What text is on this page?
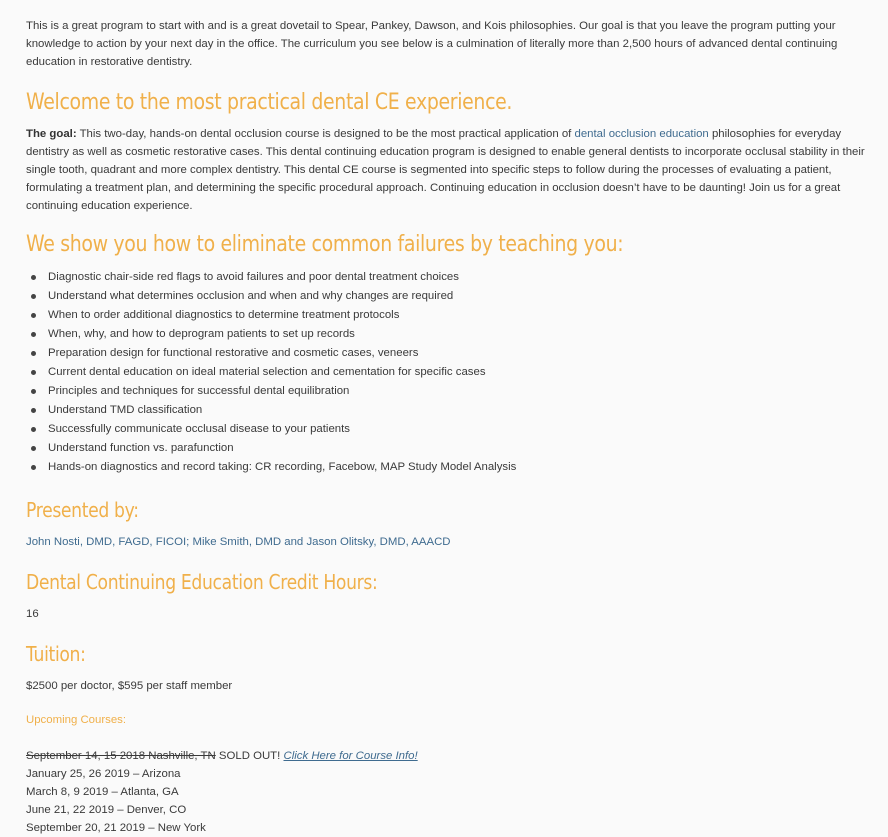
This is a great program to start with and is a great dovetail to Spear, Pankey, Dawson, and Kois philosophies. Our goal is that you leave the program putting your knowledge to action by your next day in the office. The curriculum you see below is a culmination of literally more than 2,500 hours of advanced dental continuing education in restorative dentistry.

Welcome to the most practical dental CE experience.

The goal: This two-day, hands-on dental occlusion course is designed to be the most practical application of dental occlusion education philosophies for everyday dentistry as well as cosmetic restorative cases. This dental continuing education program is designed to enable general dentists to incorporate occlusal stability in their single tooth, quadrant and more complex dentistry. This dental CE course is segmented into specific steps to follow during the processes of evaluating a patient, formulating a treatment plan, and determining the specific procedural approach. Continuing education in occlusion doesn’t have to be daunting! Join us for a great continuing education experience.

We show you how to eliminate common failures by teaching you:
Diagnostic chair-side red flags to avoid failures and poor dental treatment choices
Understand what determines occlusion and when and why changes are required
When to order additional diagnostics to determine treatment protocols
When, why, and how to deprogram patients to set up records
Preparation design for functional restorative and cosmetic cases, veneers
Current dental education on ideal material selection and cementation for specific cases
Principles and techniques for successful dental equilibration
Understand TMD classification
Successfully communicate occlusal disease to your patients
Understand function vs. parafunction
Hands-on diagnostics and record taking: CR recording, Facebow, MAP Study Model Analysis
Presented by:

John Nosti, DMD, FAGD, FICOI; Mike Smith, DMD and Jason Olitsky, DMD, AAACD

Dental Continuing Education Credit Hours:

16

Tuition:

$2500 per doctor, $595 per staff member

Upcoming Courses:

September 14, 15 2018 Nashville, TN SOLD OUT! Click Here for Course Info!
January 25, 26 2019 – Arizona
March 8, 9 2019 – Atlanta, GA
June 21, 22 2019 – Denver, CO
September 20, 21 2019 – New York
